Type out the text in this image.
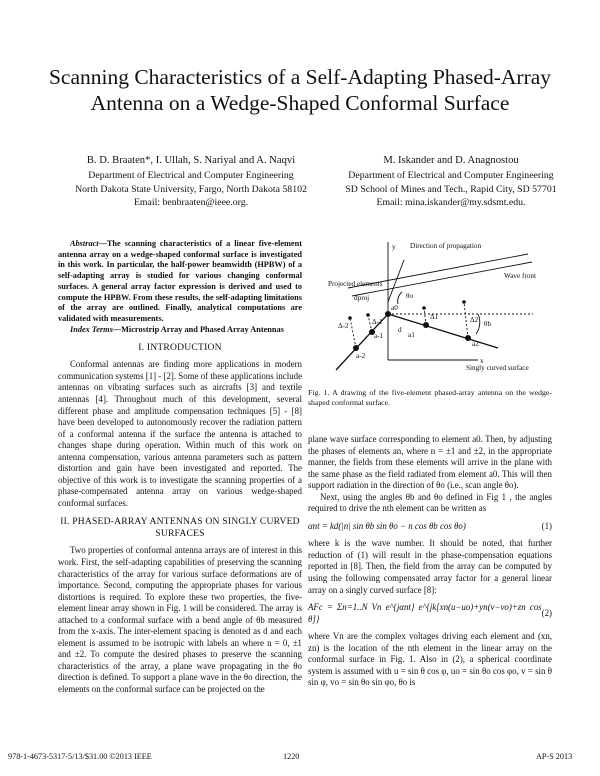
Scanning Characteristics of a Self-Adapting Phased-Array Antenna on a Wedge-Shaped Conformal Surface
B. D. Braaten*, I. Ullah, S. Nariyal and A. Naqvi
Department of Electrical and Computer Engineering
North Dakota State University, Fargo, North Dakota 58102
Email: benbraaten@ieee.org.
M. Iskander and D. Anagnostou
Department of Electrical and Computer Engineering
SD School of Mines and Tech., Rapid City, SD 57701
Email: mina.iskander@my.sdsmt.edu.

Abstract—The scanning characteristics of a linear five-element antenna array on a wedge-shaped conformal surface is investigated in this work. In particular, the half-power beamwidth (HPBW) of a self-adapting array is studied for various changing conformal surfaces. A general array factor expression is derived and used to compute the HPBW. From these results, the self-adapting limitations of the array are outlined. Finally, analytical computations are validated with measurements.

Index Terms—Microstrip Array and Phased Array Antennas

I. INTRODUCTION

Conformal antennas are finding more applications in modern communication systems [1] - [2]. Some of these applications include antennas on vibrating surfaces such as aircrafts [3] and textile antennas [4]. Throughout much of this development, several different phase and amplitude compensation techniques [5] - [8] have been developed to autonomously recover the radiation pattern of a conformal antenna if the surface the antenna is attached to changes shape during operation. Within much of this work on antenna compensation, various antenna parameters such as pattern distortion and gain have been investigated and reported. The objective of this work is to investigate the scanning properties of a phase-compensated antenna array on various wedge-shaped conformal surfaces.

II. PHASED-ARRAY ANTENNAS ON SINGLY CURVED SURFACES

Two properties of conformal antenna arrays are of interest in this work. First, the self-adapting capabilities of preserving the scanning characteristics of the array for various surface deformations are of importance. Second, computing the appropriate phases for various distortions is required. To explore these two properties, the five-element linear array shown in Fig. 1 will be considered. The array is attached to a conformal surface with a bend angle of θb measured from the x-axis. The inter-element spacing is denoted as d and each element is assumed to be isotropic with labels an where n = 0, ±1 and ±2. To compute the desired phases to preserve the scanning characteristics of the array, a plane wave propagating in the θo direction is defined. To support a plane wave in the θo direction, the elements on the conformal surface can be projected on the

y
x
Direction of propagation
Wave front
Projected elements
Singly curved surface
θo
θb
dproj
d
a0
a1
a2
a-1
a-2
Δ1	Δ2
Δ-1
Δ-2
Fig. 1. A drawing of the five-element phased-array antenna on the wedge-shaped conformal surface.

plane wave surface corresponding to element a0. Then, by adjusting the phases of elements an, where n = ±1 and ±2, in the appropriate manner, the fields from these elements will arrive in the plane with the same phase as the field radiated from element a0. This will then support radiation in the direction of θo (i.e., scan angle θo).

Next, using the angles θb and θo defined in Fig 1 , the angles required to drive the nth element can be written as

αnt = kd(|n| sin θb sin θo − n cos θb cos θo)	(1)

where k is the wave number. It should be noted, that further reduction of (1) will result in the phase-compensation equations reported in [8]. Then, the field from the array can be computed by using the following compensated array factor for a general linear array on a singly curved surface [8]:

AFc = Σn=1..N Vn e^{jαnt} e^{jk[xn(u−uo)+yn(v−vo)+zn cos θ]}
(2)

where Vn are the complex voltages driving each element and (xn, zn) is the location of the nth element in the linear array on the conformal surface in Fig. 1. Also in (2), a spherical coordinate system is assumed with u = sin θ cos φ, uo = sin θo cos φo, v = sin θ sin φ, vo = sin θo sin φo, θo is

978-1-4673-5317-5/13/$31.00 ©2013 IEEE	1220	AP-S 2013
